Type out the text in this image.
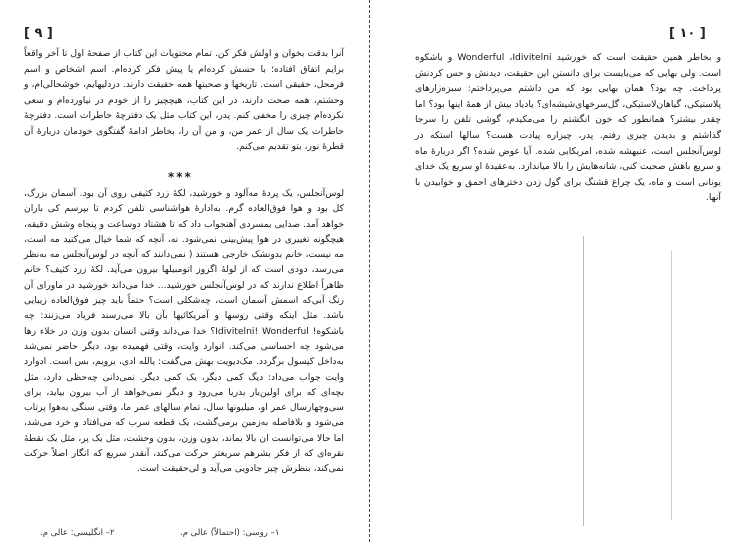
[ ۹ ]
آنرا بدقت بخوان و اولش فکر کن. تمام محتویات این کتاب از صفحهٔ اول تا آخر واقعاً برایم اتفاق افتاده؛ با حسش کرده‌ام یا پیش فکر کرده‌ام. اسم اشخاص و اسم فرمحل، حقیقی است. تاریخها و صحبتها همه حقیقت دارند. دردلیهایم، خوشحالی‌ام، و وحشتم، همه صحت دارند، در این کتاب، هیچچیز را از خودم در نیاورده‌ام و سعی نکرده‌ام چیزی را مخفی کنم. پدر، این کتاب مثل یک دفترچهٔ خاطرات است. دفترچهٔ خاطرات یک سال از عمر من، و من آن را، بخاطر ادامهٔ گفتگوی خودمان درباره‌ٔ آن قطرهٔ نور، بتو تقدیم می‌کنم.
***
لوس‌آنجلس، یک پردهٔ مه‌آلود و خورشید، لکهٔ زرد کثیفی روی آن بود. آسمان بزرگ، کل بود و هوا فوق‌العاده گرم. به‌ادارهٔ هواشناسی تلفن کردم تا بپرسم کی باران خواهد آمد. صدایی بمسردی آهنجواب داد که تا هشتاد دوساعت و پنجاه وشش دقیقه، هیچگونه تغییری در هوا پیش‌بینی نمی‌شود. نه، آنچه که شما خیال می‌کنید مه است، مه نیست، خانم بدونشک خارجی هستند ( نمی‌دانند که آنچه در لوس‌آنجلس مه به‌نظر می‌رسد، دودی است که از لولهٔ اگزوز اتومبیلها بیرون می‌آید. لکهٔ زرد کثیف؟ خانم ظاهراً اطلاع ندارند که در لوس‌آنجلس خورشید... خدا می‌داند خورشید در ماورای آن رنگ آبی‌که اسمش آسمان است، چه‌شکلی است؟ حتماً باید چیز فوق‌العاده زیبایی باشد. مثل اینکه وقتی روسها و آمریکائیها بآن بالا می‌رسند فریاد می‌زنند: چه باشکوه! Idivitelni! Wonderful؟ خدا می‌داند وقتی انسان بدون وزن در خلاء رها می‌شود چه احساسی می‌کند. انوارد وایت، وقتی فهمیده بود، دیگر حاضر نمی‌شد به‌داخل کپسول برگردد. مک‌دیویت بهش می‌گفت: یالله ادی، برویم، بس است. ادوارد وایت جواب می‌داد: دیگ کمی دیگر، یک کمی دیگر. نمی‌دانی چه‌حظی دارد، مثل بچه‌ای که برای اولین‌بار بدریا می‌رود و دیگر نمی‌خواهد از آب بیرون بیاید، برای سی‌وچهارسال عمر او، میلیونها سال، تمام سالهای عمر ما، وقتی سنگی به‌هوا پرتاب می‌شود و بلافاصله به‌زمین برمی‌گشت، یک قطعه سرب که می‌افتاد و خرد می‌شد، اما حالا می‌توانست ان بالا بماند، بدون وزن، بدون وحشت، مثل یک پر، مثل یک نقطهٔ نقره‌ای که از فکر بشرهم سریعتر حرکت می‌کند، آنقدر سریع که انگار اصلاً حرکت نمی‌کند، بنظرش چیز جادویی می‌آید و لی‌حقیقت است.
۱– روسی: (احتمالاً) عالی م.
۲– انگلیسی: عالی م.
[ ۱۰ ]
و بخاطر همین حقیقت است که خورشید Wonderful ،Idivitelni و باشکوه است. ولی بهایی که می‌بایست برای دانستن این حقیقت، دیدنش و حس کردنش پرداخت. چه بود؟ همان بهایی بود که من داشتم می‌پرداختم: سبزه‌زارهای پلاستیکی، گیاهان‌لاستیکی، گل‌سرخهای‌شیشه‌ای؟ یادیاد بیش از همهٔ اینها بود؟ اما چقدر بیشتر؟ همانطور که خون انگشتم را می‌مکیدم، گوشی تلفن را سرجا گذاشتم و بدیدن چیزی رفتم. پدر، چیزاره پیادت هست؟ سالها استکه در لوس‌آنجلس است، عنیهشه شده، امریکایی شده. آیا عوض شده؟ اگر درباره‌ٔ ماه و سریع باهش صحبت کنی، شانه‌هایش را بالا میاندازد. به‌عقیده‌ٔ او سریع یک خدای یونانی است و ماه، یک چراغ قشنگ برای گول زدن دخترهای احمق و خوابیدن با آنها.
